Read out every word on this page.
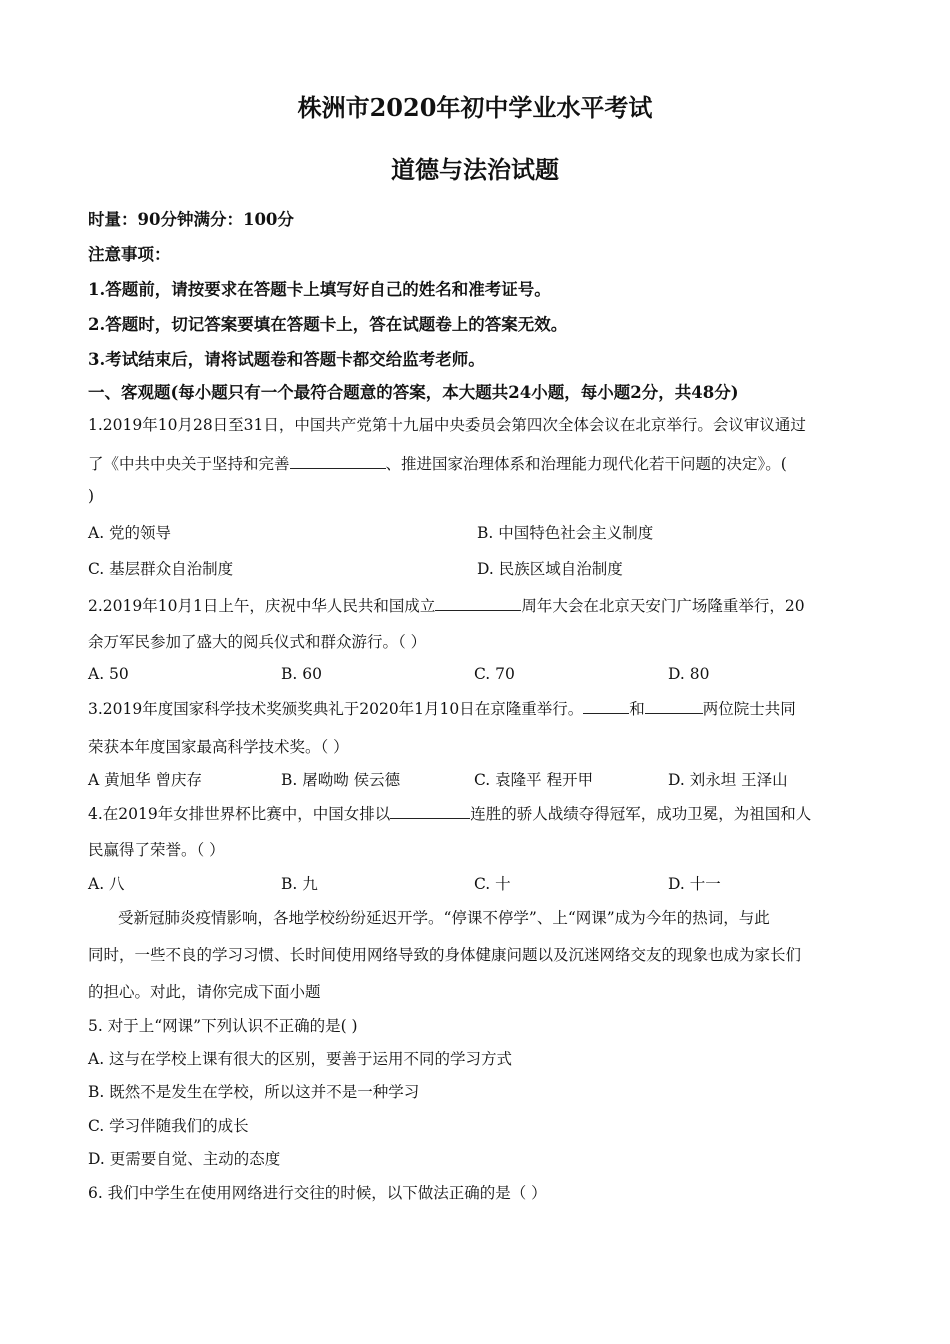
株洲市2020年初中学业水平考试
道德与法治试题
时量：90分钟满分：100分
注意事项：
1.答题前，请按要求在答题卡上填写好自己的姓名和准考证号。
2.答题时，切记答案要填在答题卡上，答在试题卷上的答案无效。
3.考试结束后，请将试题卷和答题卡都交给监考老师。
一、客观题(每小题只有一个最符合题意的答案，本大题共24小题，每小题2分，共48分)
1.2019年10月28日至31日，中国共产党第十九届中央委员会第四次全体会议在北京举行。会议审议通过
了《中共中央关于坚持和完善	、推进国家治理体系和治理能力现代化若干问题的决定》。(
)
A. 党的领导	B. 中国特色社会主义制度
C. 基层群众自治制度	D. 民族区域自治制度
2.2019年10月1日上午，庆祝中华人民共和国成立	周年大会在北京天安门广场隆重举行，20
余万军民参加了盛大的阅兵仪式和群众游行。（ ）
A. 50	B. 60	C. 70	D. 80
3.2019年度国家科学技术奖颁奖典礼于2020年1月10日在京隆重举行。	和	两位院士共同
荣获本年度国家最高科学技术奖。（ ）
A 黄旭华 曾庆存	B. 屠呦呦 侯云德	C. 袁隆平 程开甲	D. 刘永坦 王泽山
4.在2019年女排世界杯比赛中，中国女排以	连胜的骄人战绩夺得冠军，成功卫冕，为祖国和人
民赢得了荣誉。（ ）
A. 八	B. 九	C. 十	D. 十一
受新冠肺炎疫情影响，各地学校纷纷延迟开学。“停课不停学”、上“网课”成为今年的热词，与此
同时，一些不良的学习习惯、长时间使用网络导致的身体健康问题以及沉迷网络交友的现象也成为家长们
的担心。对此，请你完成下面小题
5. 对于上“网课”下列认识不正确的是( )
A. 这与在学校上课有很大的区别，要善于运用不同的学习方式
B. 既然不是发生在学校，所以这并不是一种学习
C. 学习伴随我们的成长
D. 更需要自觉、主动的态度
6. 我们中学生在使用网络进行交往的时候，以下做法正确的是（ ）
